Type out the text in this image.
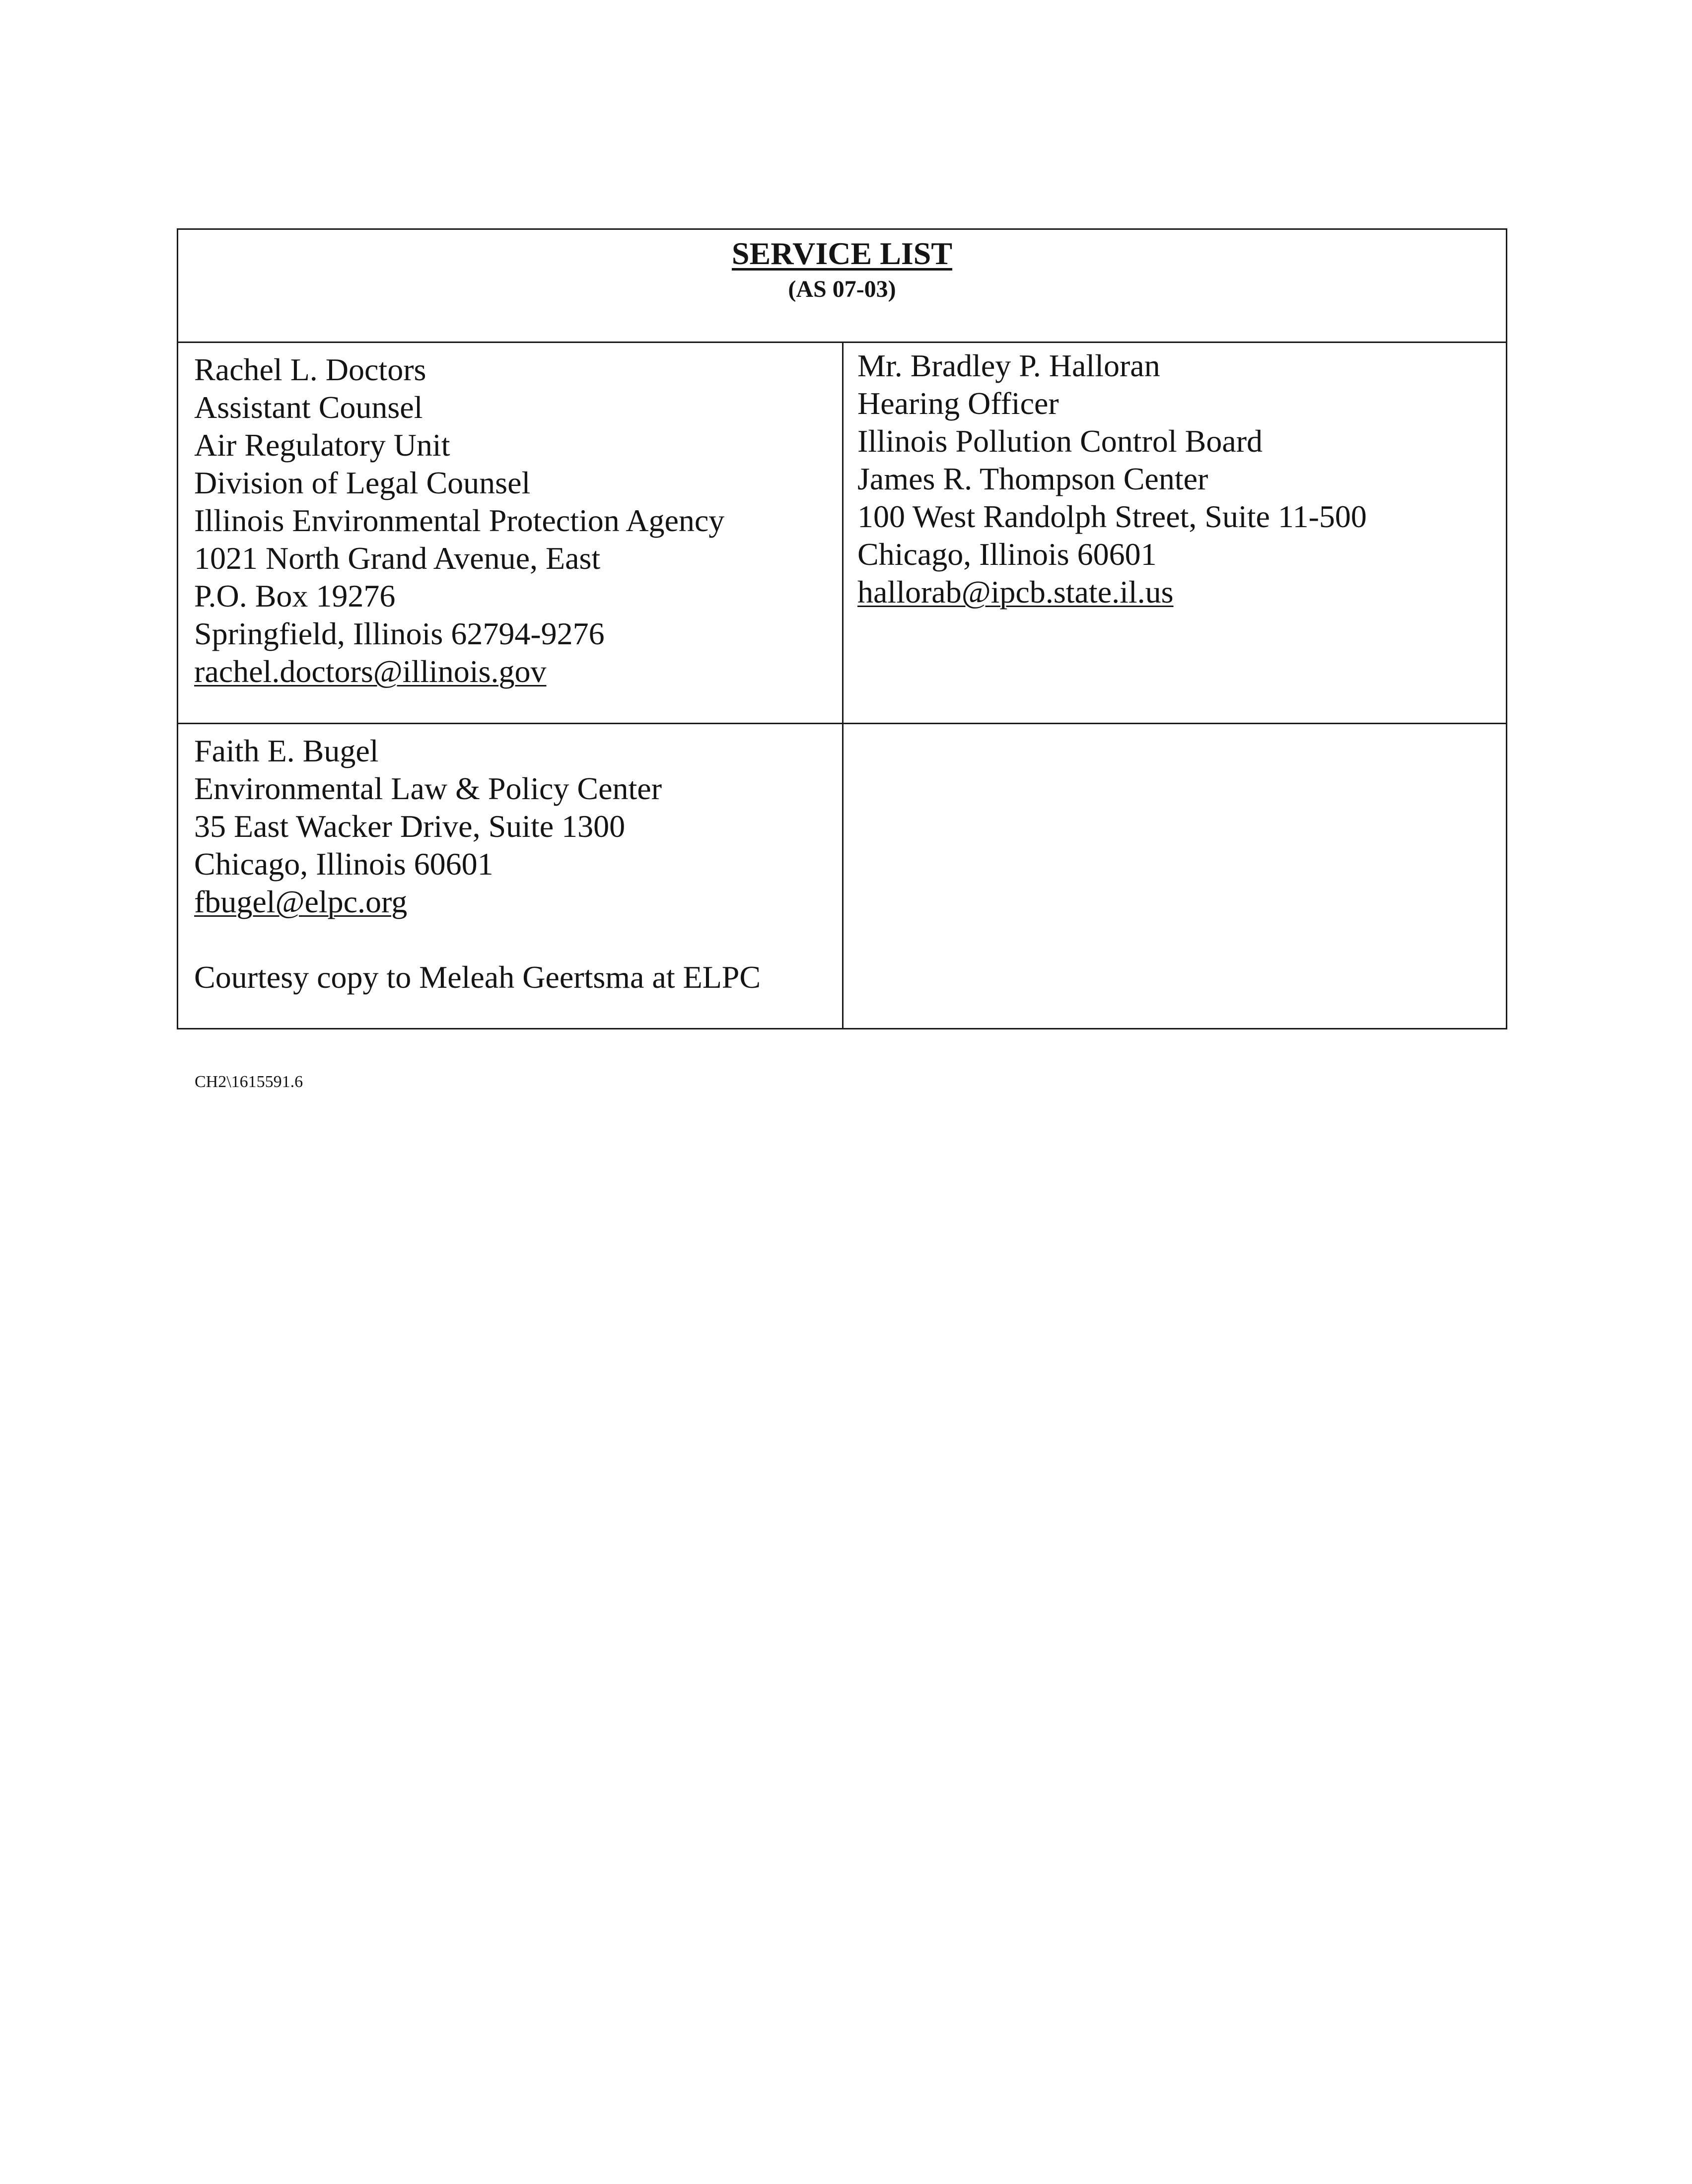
SERVICE LIST
(AS 07-03)
Rachel L. Doctors
Assistant Counsel
Air Regulatory Unit
Division of Legal Counsel
Illinois Environmental Protection Agency
1021 North Grand Avenue, East
P.O. Box 19276
Springfield, Illinois 62794-9276
rachel.doctors@illinois.gov
Mr. Bradley P. Halloran
Hearing Officer
Illinois Pollution Control Board
James R. Thompson Center
100 West Randolph Street, Suite 11-500
Chicago, Illinois 60601
hallorab@ipcb.state.il.us
Faith E. Bugel
Environmental Law & Policy Center
35 East Wacker Drive, Suite 1300
Chicago, Illinois 60601
fbugel@elpc.org
Courtesy copy to Meleah Geertsma at ELPC
CH2\1615591.6
